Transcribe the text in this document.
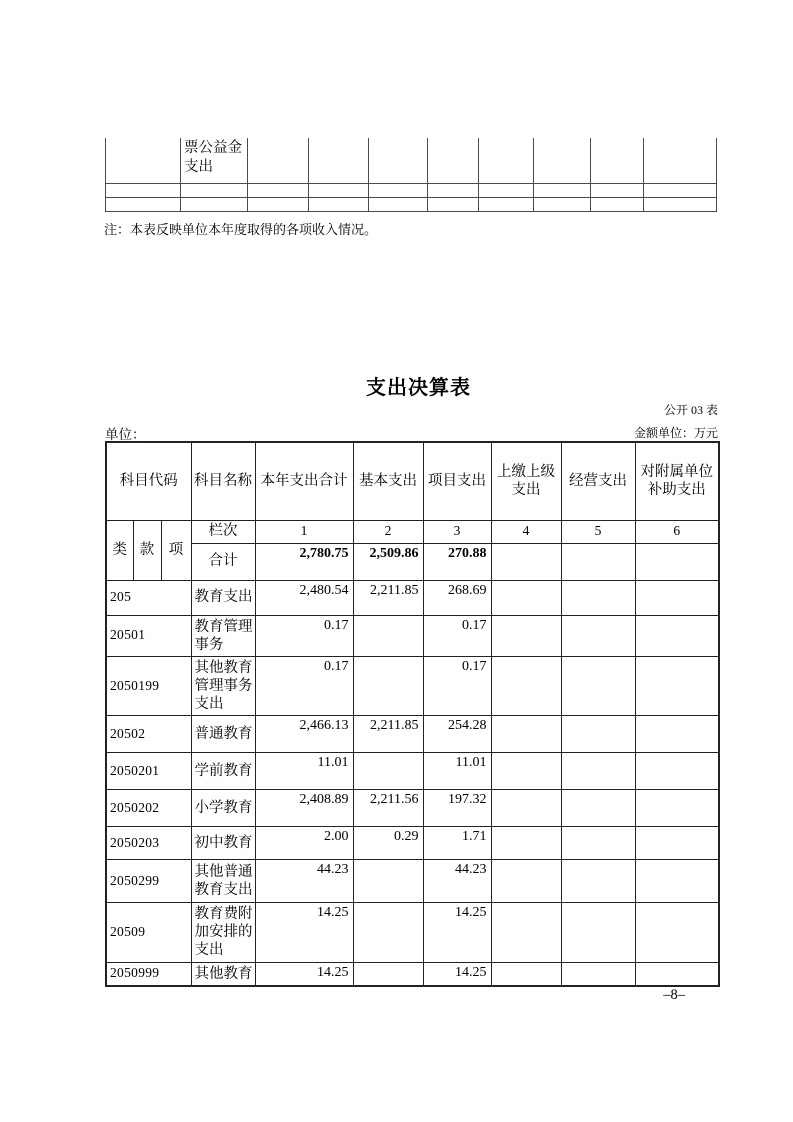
	票公益金支出								

注：本表反映单位本年度取得的各项收入情况。
支出决算表
公开 03 表
单位：	金额单位：万元
科目代码			科目名称	本年支出合计	基本支出	项目支出	上缴上级支出	经营支出	对附属单位补助支出
类	款	项	栏次	1	2	3	4	5	6
			合计	2,780.75	2,509.86	270.88			
205			教育支出	2,480.54	2,211.85	268.69			
20501			教育管理事务	0.17		0.17			
2050199			其他教育管理事务支出	0.17		0.17			
20502			普通教育	2,466.13	2,211.85	254.28			
2050201			学前教育	11.01		11.01			
2050202			小学教育	2,408.89	2,211.56	197.32			
2050203			初中教育	2.00	0.29	1.71			
2050299			其他普通教育支出	44.23		44.23			
20509			教育费附加安排的支出	14.25		14.25			
2050999			其他教育	14.25		14.25			
–8–
